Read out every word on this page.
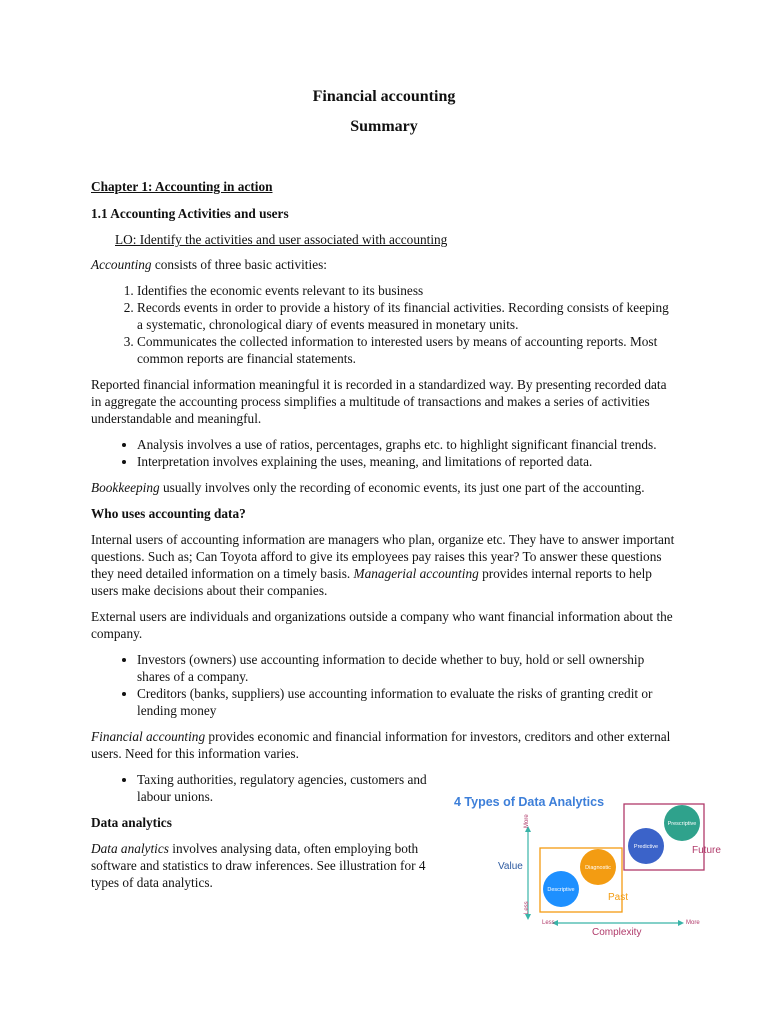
Financial accounting
Summary
Chapter 1: Accounting in action
1.1 Accounting Activities and users
LO: Identify the activities and user associated with accounting

Accounting consists of three basic activities:

1. Identifies the economic events relevant to its business
2. Records events in order to provide a history of its financial activities. Recording consists of keeping a systematic, chronological diary of events measured in monetary units.
3. Communicates the collected information to interested users by means of accounting reports. Most common reports are financial statements.

Reported financial information meaningful it is recorded in a standardized way. By presenting recorded data in aggregate the accounting process simplifies a multitude of transactions and makes a series of activities understandable and meaningful.

• Analysis involves a use of ratios, percentages, graphs etc. to highlight significant financial trends.
• Interpretation involves explaining the uses, meaning, and limitations of reported data.

Bookkeeping usually involves only the recording of economic events, its just one part of the accounting.

Who uses accounting data?

Internal users of accounting information are managers who plan, organize etc. They have to answer important questions. Such as; Can Toyota afford to give its employees pay raises this year? To answer these questions they need detailed information on a timely basis. Managerial accounting provides internal reports to help users make decisions about their companies.

External users are individuals and organizations outside a company who want financial information about the company.

• Investors (owners) use accounting information to decide whether to buy, hold or sell ownership shares of a company.
• Creditors (banks, suppliers) use accounting information to evaluate the risks of granting credit or lending money

Financial accounting provides economic and financial information for investors, creditors and other external users. Need for this information varies.

• Taxing authorities, regulatory agencies, customers and labour unions.
Data analytics

Data analytics involves analysing data, often employing both software and statistics to draw inferences. See illustration for 4 types of data analytics.

4 Types of Data Analytics
More
Less
Value
Less	More
Complexity
Past
Future
Descriptive
Diagnostic
Predictive
Prescriptive
